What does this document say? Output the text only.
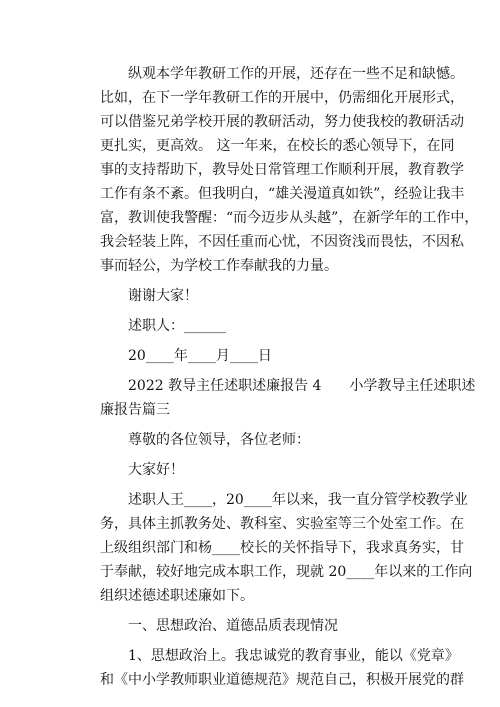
纵观本学年教研工作的开展，还存在一些不足和缺憾。
比如，在下一学年教研工作的开展中，仍需细化开展形式，
可以借鉴兄弟学校开展的教研活动，努力使我校的教研活动
更扎实，更高效。 这一年来，在校长的悉心领导下，在同
事的支持帮助下，教导处日常管理工作顺利开展，教育教学
工作有条不紊。但我明白，“雄关漫道真如铁”，经验让我丰
富，教训使我警醒：“而今迈步从头越”，在新学年的工作中，
我会轻装上阵，不因任重而心忧，不因资浅而畏怯，不因私
事而轻公，为学校工作奉献我的力量。
谢谢大家！
述职人：______
20____年____月____日
2022 教导主任述职述廉报告 4　　小学教导主任述职述
廉报告篇三
尊敬的各位领导，各位老师：
大家好！
述职人王____，20____年以来，我一直分管学校教学业
务，具体主抓教务处、教科室、实验室等三个处室工作。在
上级组织部门和杨____校长的关怀指导下，我求真务实，甘
于奉献，较好地完成本职工作，现就 20____年以来的工作向
组织述德述职述廉如下。
一、思想政治、道德品质表现情况
1、思想政治上。我忠诚党的教育事业，能以《党章》
和《中小学教师职业道德规范》规范自己，积极开展党的群
